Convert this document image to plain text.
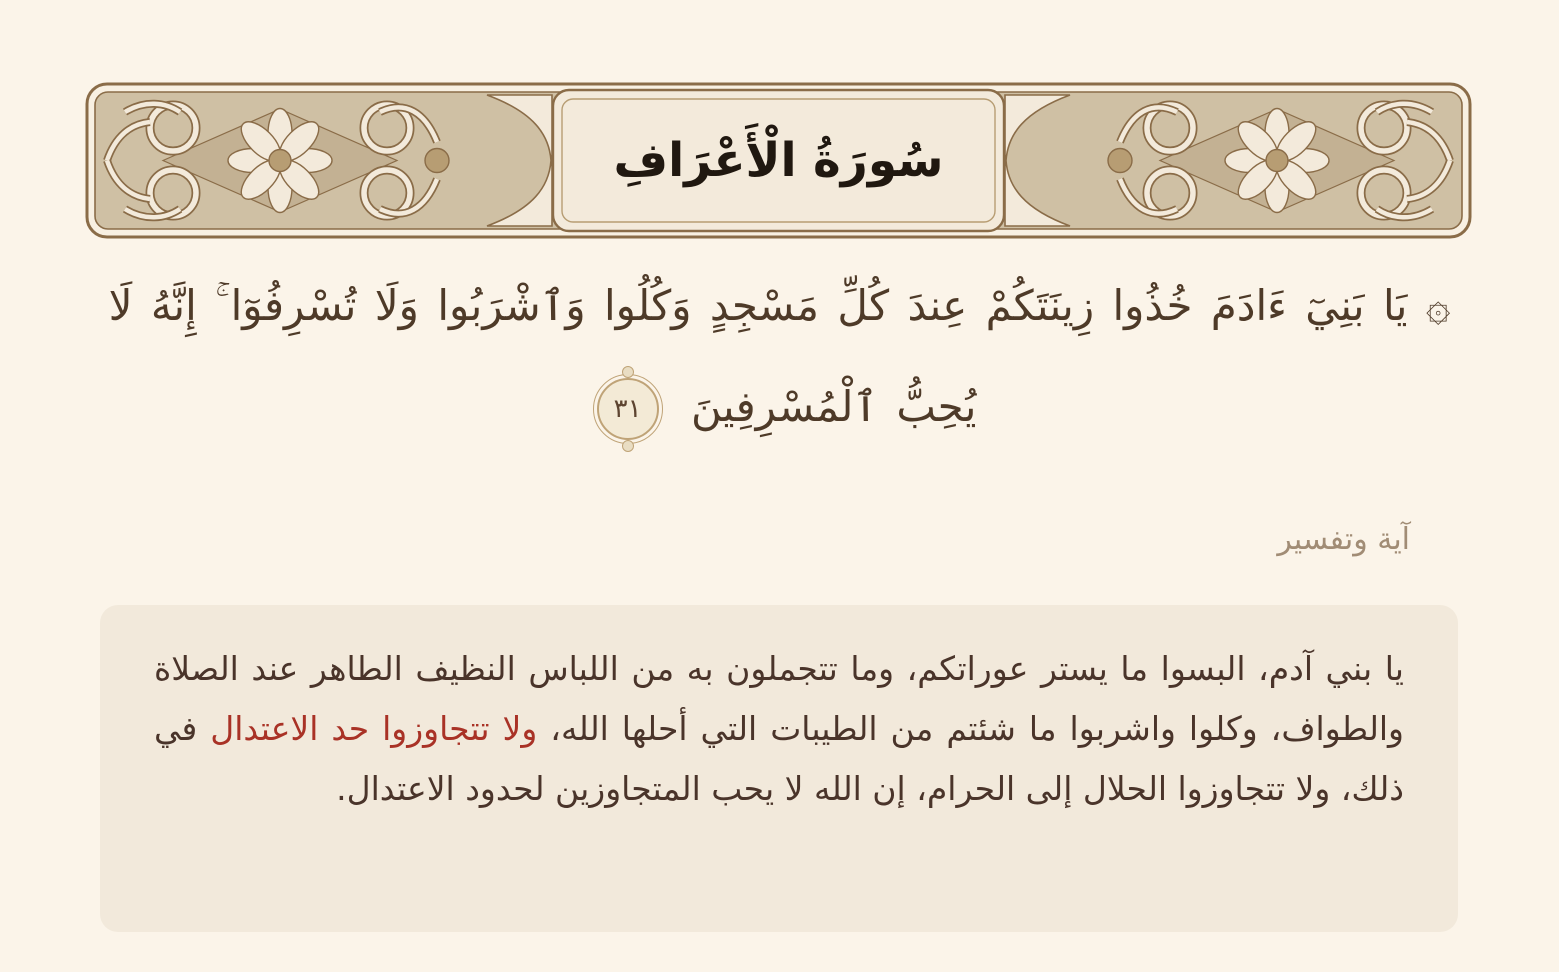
سُورَةُ الْأَعْرَافِ
۞ يَا بَنِيٓ ءَادَمَ خُذُوا زِينَتَكُمْ عِندَ كُلِّ مَسْجِدٍ وَكُلُوا وَٱشْرَبُوا وَلَا تُسْرِفُوٓا ۚ إِنَّهُ لَا يُحِبُّ ٱلْمُسْرِفِينَ
٣١
آية وتفسير

يا بني آدم، البسوا ما يستر عوراتكم، وما تتجملون به من اللباس النظيف الطاهر عند الصلاة والطواف، وكلوا واشربوا ما شئتم من الطيبات التي أحلها الله، ولا تتجاوزوا حد الاعتدال في ذلك، ولا تتجاوزوا الحلال إلى الحرام، إن الله لا يحب المتجاوزين لحدود الاعتدال.
